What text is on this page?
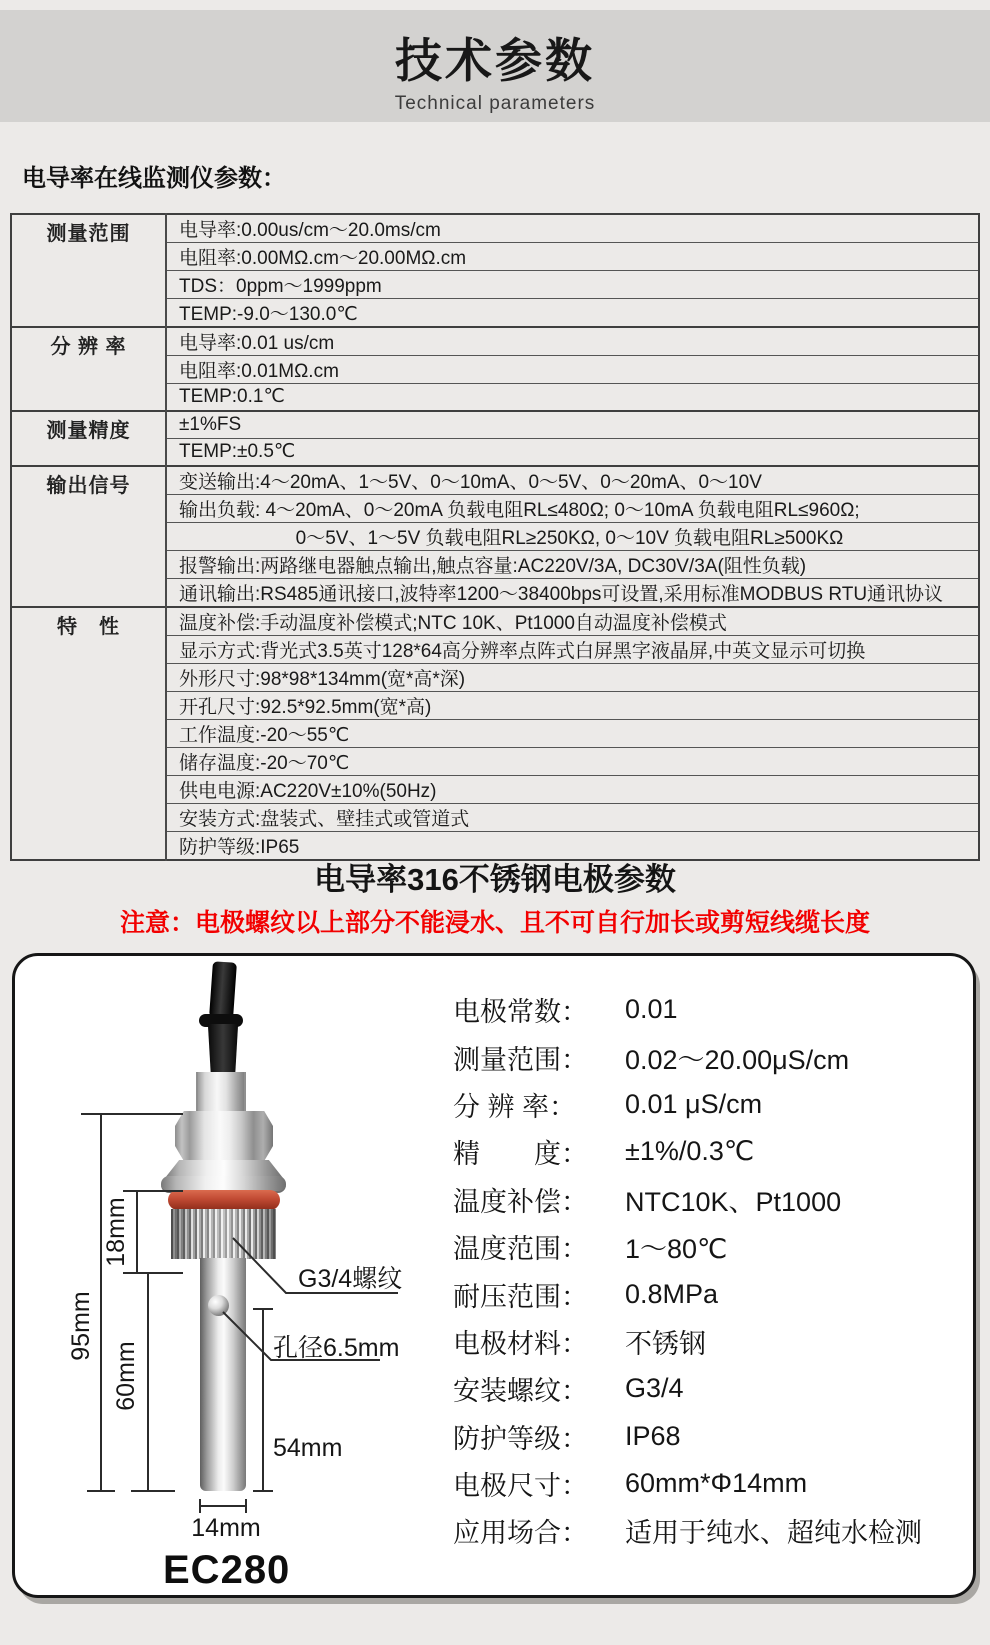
技术参数
Technical parameters
电导率在线监测仪参数：
测量范围	电导率:0.00us/cm～20.0ms/cm
	电阻率:0.00MΩ.cm～20.00MΩ.cm
	TDS：0ppm～1999ppm
	TEMP:-9.0～130.0℃
分 辨 率	电导率:0.01 us/cm
	电阻率:0.01MΩ.cm
	TEMP:0.1℃
测量精度	±1%FS
	TEMP:±0.5℃
输出信号	变送输出:4～20mA、1～5V、0～10mA、0～5V、0～20mA、0～10V
	输出负载: 4～20mA、0～20mA 负载电阻RL≤480Ω; 0～10mA 负载电阻RL≤960Ω;
	0～5V、1～5V 负载电阻RL≥250KΩ, 0～10V 负载电阻RL≥500KΩ
	报警输出:两路继电器触点输出,触点容量:AC220V/3A, DC30V/3A(阻性负载)
	通讯输出:RS485通讯接口,波特率1200～38400bps可设置,采用标准MODBUS RTU通讯协议
特　性	温度补偿:手动温度补偿模式;NTC 10K、Pt1000自动温度补偿模式
	显示方式:背光式3.5英寸128*64高分辨率点阵式白屏黑字液晶屏,中英文显示可切换
	外形尺寸:98*98*134mm(宽*高*深)
	开孔尺寸:92.5*92.5mm(宽*高)
	工作温度:-20～55℃
	储存温度:-20～70℃
	供电电源:AC220V±10%(50Hz)
	安装方式:盘装式、壁挂式或管道式
	防护等级:IP65
电导率316不锈钢电极参数
注意：电极螺纹以上部分不能浸水、且不可自行加长或剪短线缆长度
95mm
18mm
60mm
54mm
14mm
G3/4螺纹
孔径6.5mm
EC280
电极常数：	0.01
测量范围：	0.02～20.00μS/cm
分 辨 率：	0.01 μS/cm
精　　度：	±1%/0.3℃
温度补偿：	NTC10K、Pt1000
温度范围：	1～80℃
耐压范围：	0.8MPa
电极材料：	不锈钢
安装螺纹：	G3/4
防护等级：	IP68
电极尺寸：	60mm*Φ14mm
应用场合：	适用于纯水、超纯水检测
